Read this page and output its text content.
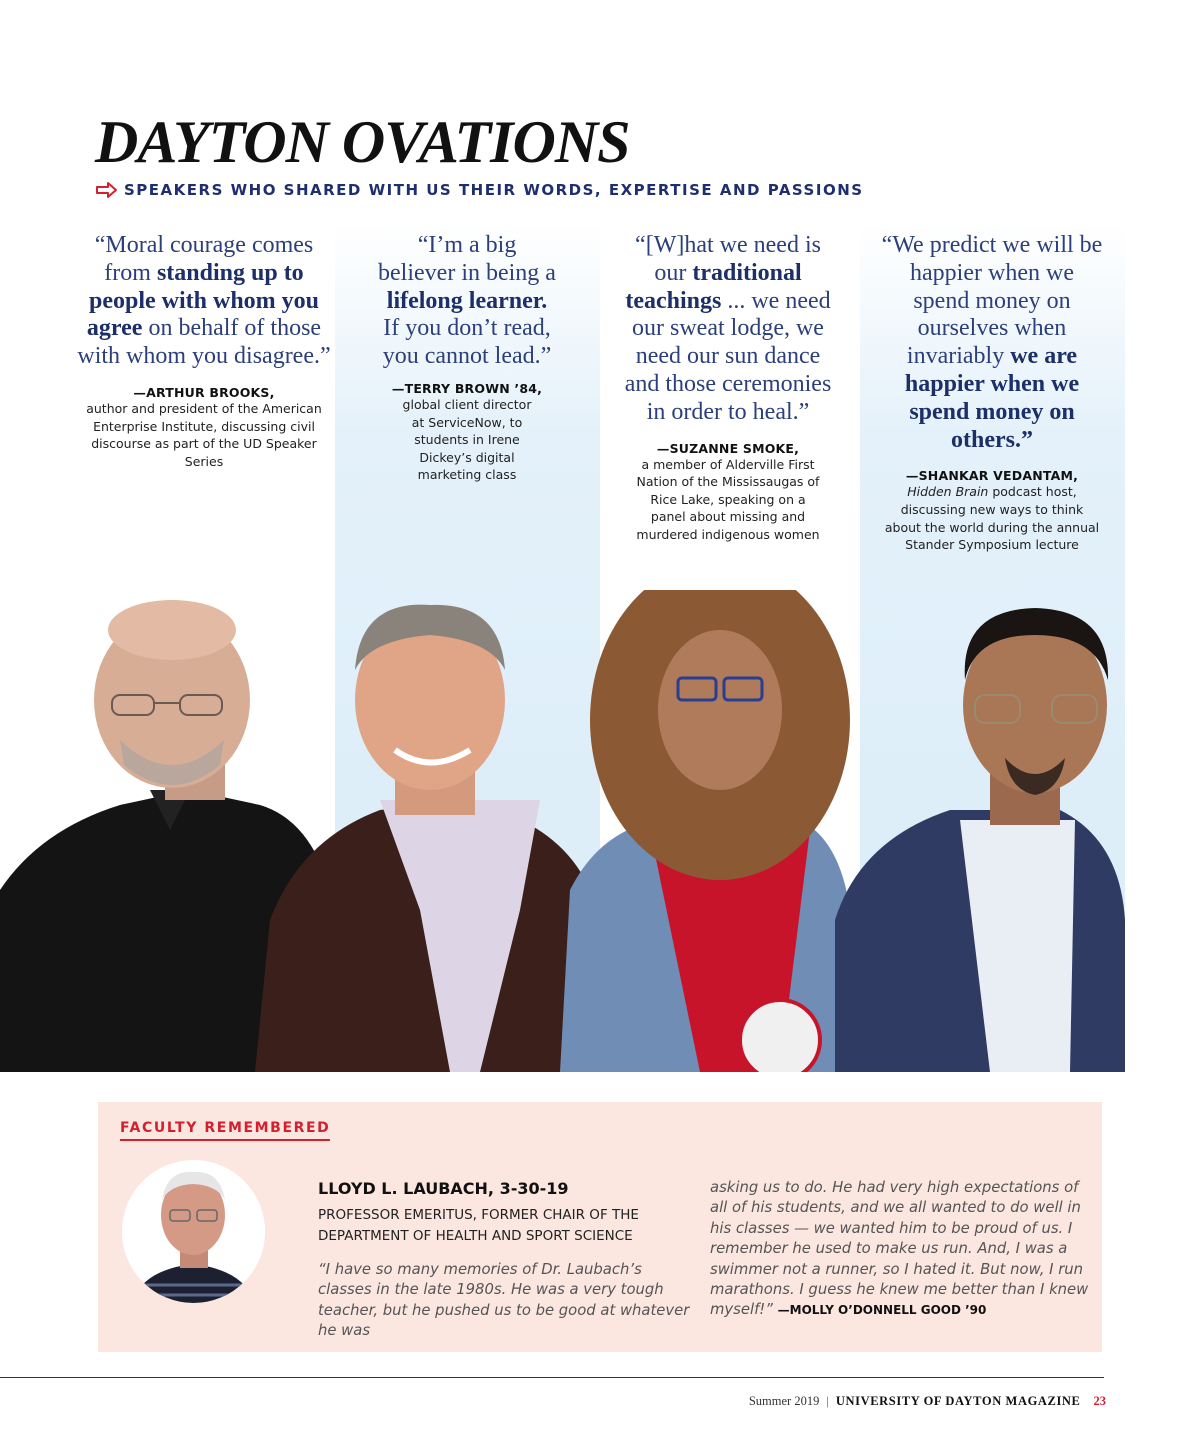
DAYTON OVATIONS
SPEAKERS WHO SHARED WITH US THEIR WORDS, EXPERTISE AND PASSIONS
“Moral courage comes from standing up to people with whom you agree on behalf of those with whom you disagree.”
—ARTHUR BROOKS,
author and president of the American Enterprise Institute, discussing civil discourse as part of the UD Speaker Series
“I’m a big believer in being a lifelong learner. If you don’t read, you cannot lead.”
—TERRY BROWN ’84,
global client director at ServiceNow, to students in Irene Dickey’s digital marketing class
“[W]hat we need is our traditional teachings ... we need our sweat lodge, we need our sun dance and those ceremonies in order to heal.”
—SUZANNE SMOKE,
a member of Alderville First Nation of the Mississaugas of Rice Lake, speaking on a panel about missing and murdered indigenous women
“We predict we will be happier when we spend money on ourselves when invariably we are happier when we spend money on others.”
—SHANKAR VEDANTAM,
Hidden Brain podcast host, discussing new ways to think about the world during the annual Stander Symposium lecture
FACULTY REMEMBERED
LLOYD L. LAUBACH, 3-30-19
PROFESSOR EMERITUS, FORMER CHAIR OF THE DEPARTMENT OF HEALTH AND SPORT SCIENCE
“I have so many memories of Dr. Laubach’s classes in the late 1980s. He was a very tough teacher, but he pushed us to be good at whatever he was
asking us to do. He had very high expectations of all of his students, and we all wanted to do well in his classes — we wanted him to be proud of us. I remember he used to make us run. And, I was a swimmer not a runner, so I hated it. But now, I run marathons. I guess he knew me better than I knew myself!” —MOLLY O’DONNELL GOOD ’90
Summer 2019 | UNIVERSITY OF DAYTON MAGAZINE 23
